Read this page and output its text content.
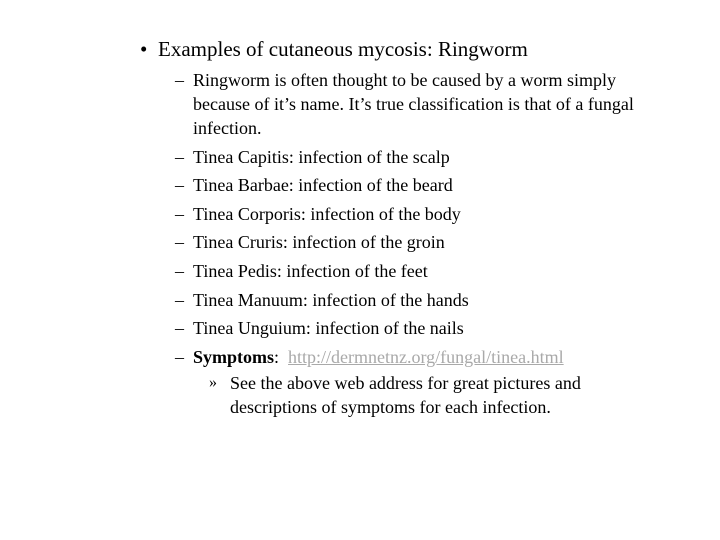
• Examples of cutaneous mycosis: Ringworm
– Ringworm is often thought to be caused by a worm simply because of it’s name. It’s true classification is that of a fungal infection.
– Tinea Capitis: infection of the scalp
– Tinea Barbae: infection of the beard
– Tinea Corporis: infection of the body
– Tinea Cruris: infection of the groin
– Tinea Pedis: infection of the feet
– Tinea Manuum: infection of the hands
– Tinea Unguium: infection of the nails
– Symptoms:  http://dermnetnz.org/fungal/tinea.html
» See the above web address for great pictures and descriptions of symptoms for each infection.
